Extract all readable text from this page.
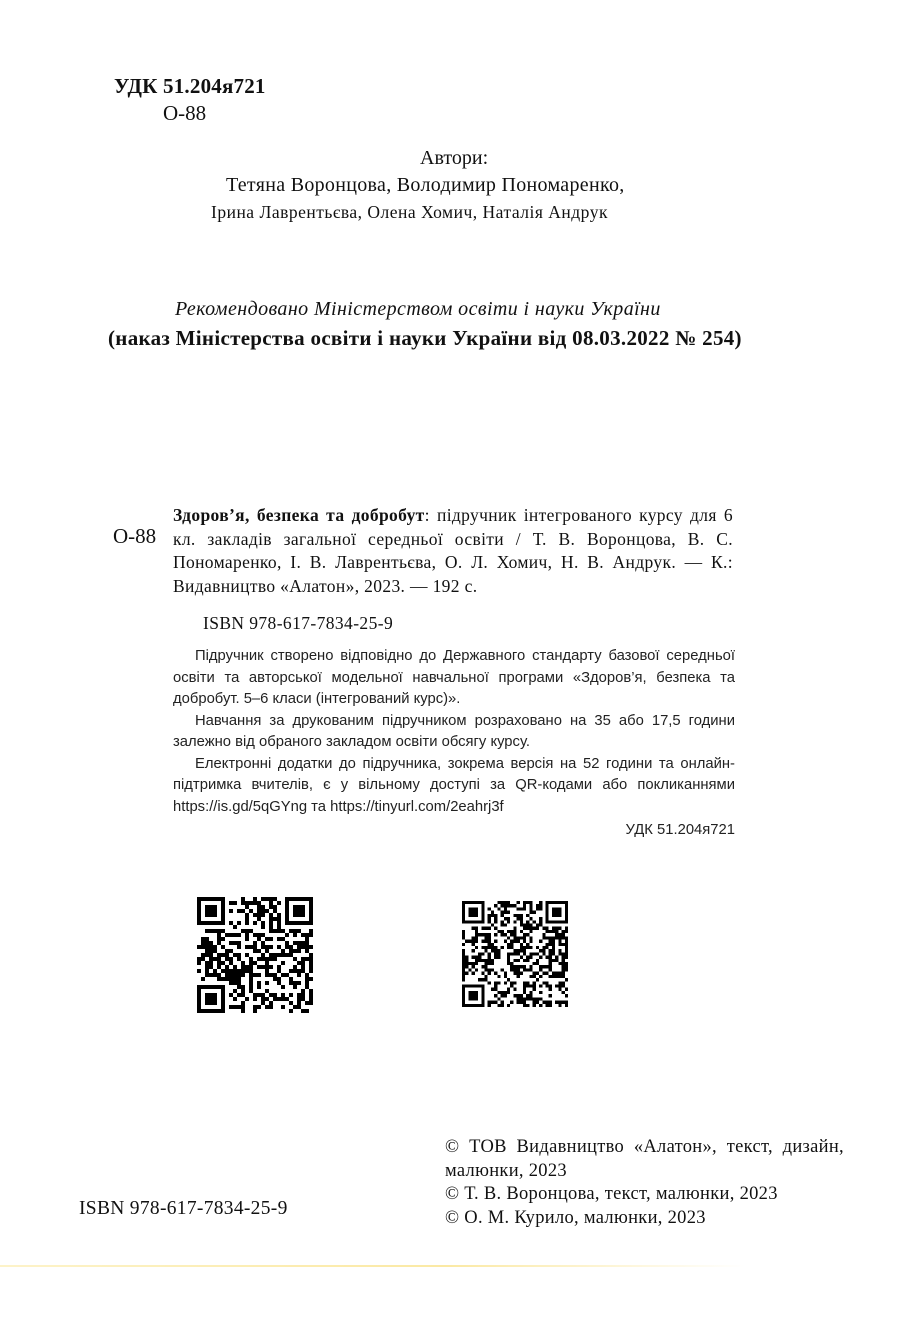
УДК 51.204я721
О-88
Автори:
Тетяна Воронцова, Володимир Пономаренко,
Ірина Лаврентьєва, Олена Хомич, Наталія Андрук
Рекомендовано Міністерством освіти і науки України
(наказ Міністерства освіти і науки України від 08.03.2022 № 254)
О-88
Здоров’я, безпека та добробут: підручник інтегрованого курсу для 6 кл. закладів загальної середньої освіти / Т. В. Воронцова, В. С. Пономаренко, І. В. Лаврентьєва, О. Л. Хомич, Н. В. Андрук. — К.: Видавництво «Алатон», 2023. — 192 с.
ISBN 978-617-7834-25-9

Підручник створено відповідно до Державного стандарту базової середньої освіти та авторської модельної навчальної програми «Здоров’я, безпека та добробут. 5–6 класи (інтегрований курс)».

Навчання за друкованим підручником розраховано на 35 або 17,5 години залежно від обраного закладом освіти обсягу курсу.

Електронні додатки до підручника, зокрема версія на 52 години та онлайн-підтримка вчителів, є у вільному доступі за QR-кодами або покликаннями https://is.gd/5qGYng та https://tinyurl.com/2eahrj3f

УДК 51.204я721

ISBN 978-617-7834-25-9
© ТОВ Видавництво «Алатон», текст, дизайн, малюнки, 2023
© Т. В. Воронцова, текст, малюнки, 2023
© О. М. Курило, малюнки, 2023
